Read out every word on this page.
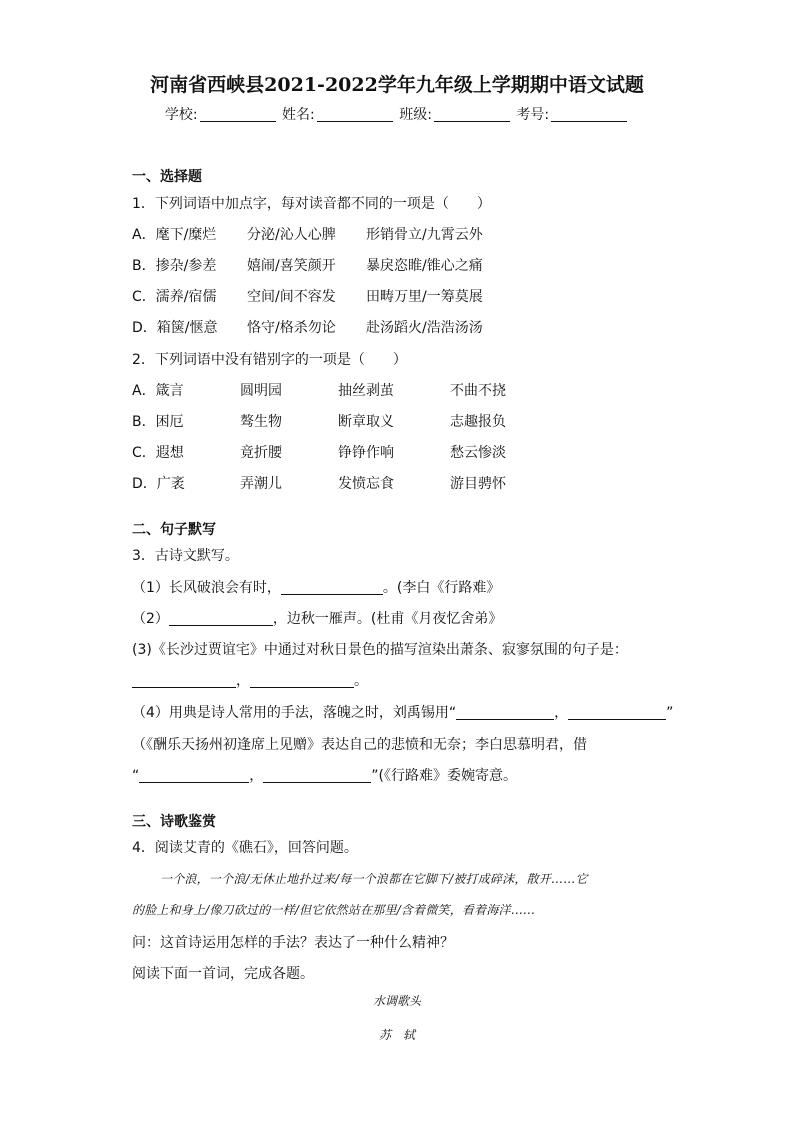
河南省西峡县2021-2022学年九年级上学期期中语文试题
学校:	姓名:	班级:	考号:
一、选择题
1．下列词语中加点字，每对读音都不同的一项是（　　）
A．麾下/糜烂 分泌/沁人心脾 形销骨立/九霄云外
B．掺杂/参差 嬉闹/喜笑颜开 暴戾恣睢/锥心之痛
C．濡养/宿儒 空间/间不容发 田畴万里/一筹莫展
D．箱箧/惬意 恪守/格杀勿论 赴汤蹈火/浩浩汤汤
2．下列词语中没有错别字的一项是（　　）
A．箴言	圆明园	抽丝剥茧	不曲不挠
B．困厄	骜生物	断章取义	志趣报负
C．遐想	竟折腰	铮铮作响	愁云惨淡
D．广袤	弄潮儿	发愤忘食	游目骋怀
二、句子默写
3．古诗文默写。
（1）长风破浪会有时，	。(李白《行路难》
（2）	，边秋一雁声。(杜甫《月夜忆舍弟》
(3)《长沙过贾谊宅》中通过对秋日景色的描写渲染出萧条、寂寥氛围的句子是：
，	。
（4）用典是诗人常用的手法，落魄之时，刘禹锡用“	，	”
（《酬乐天扬州初逢席上见赠》表达自己的悲愤和无奈；李白思慕明君，借
“	，	”(《行路难》委婉寄意。
三、诗歌鉴赏
4．阅读艾青的《礁石》，回答问题。
一个浪，一个浪/无休止地扑过来/每一个浪都在它脚下/被打成碎沫，散开……它
的脸上和身上/像刀砍过的一样/但它依然站在那里/含着微笑，看着海洋……
问：这首诗运用怎样的手法？表达了一种什么精神？
阅读下面一首词，完成各题。
水调歌头
苏　轼
